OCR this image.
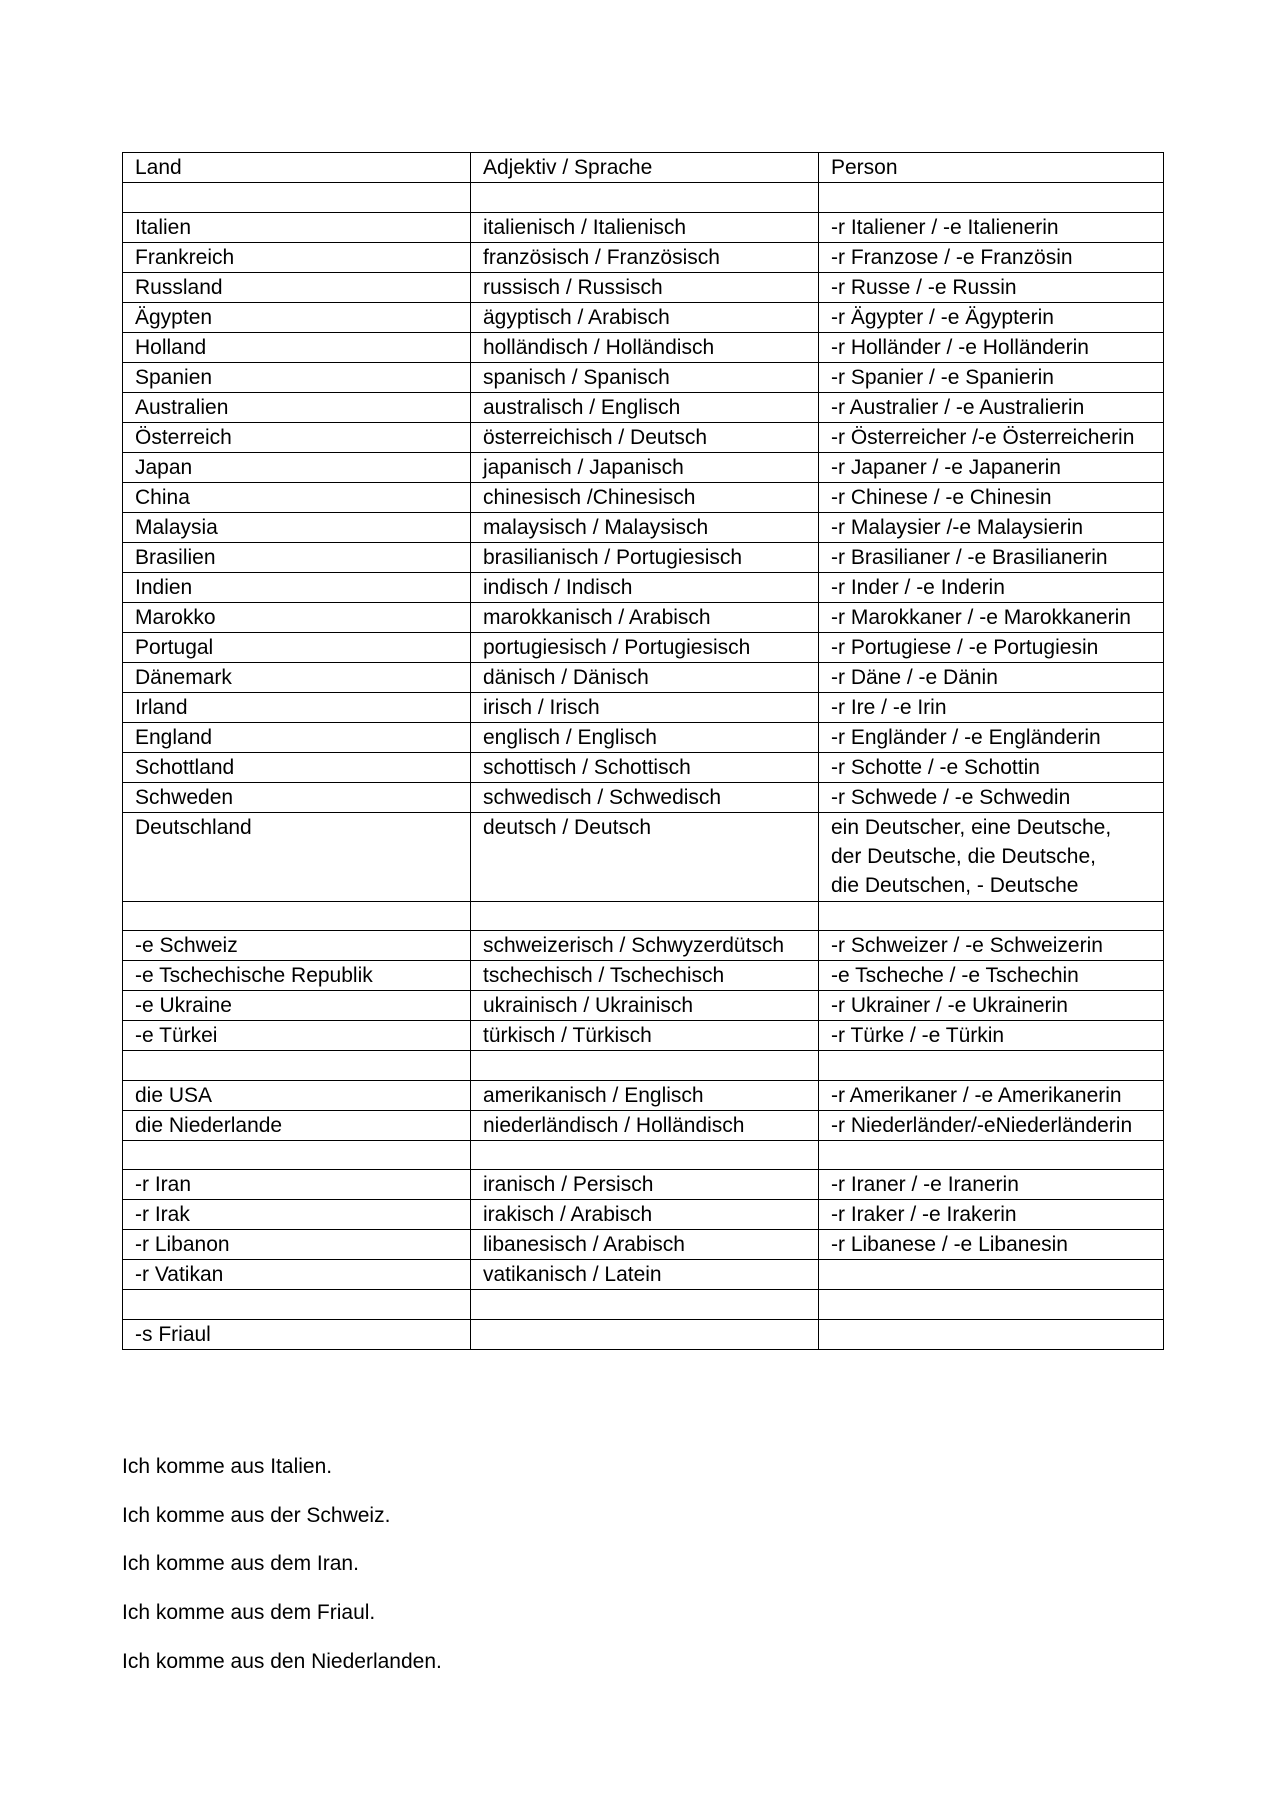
Land	Adjektiv / Sprache	Person

Italien	italienisch / Italienisch	-r Italiener / -e Italienerin
Frankreich	französisch / Französisch	-r Franzose / -e Französin
Russland	russisch / Russisch	-r Russe / -e Russin
Ägypten	ägyptisch / Arabisch	-r Ägypter / -e Ägypterin
Holland	holländisch / Holländisch	-r Holländer / -e Holländerin
Spanien	spanisch / Spanisch	-r Spanier / -e Spanierin
Australien	australisch / Englisch	-r Australier / -e Australierin
Österreich	österreichisch / Deutsch	-r Österreicher /-e Österreicherin
Japan	japanisch / Japanisch	-r Japaner / -e Japanerin
China	chinesisch /Chinesisch	-r Chinese / -e Chinesin
Malaysia	malaysisch / Malaysisch	-r Malaysier /-e Malaysierin
Brasilien	brasilianisch / Portugiesisch	-r Brasilianer / -e Brasilianerin
Indien	indisch / Indisch	-r Inder / -e Inderin
Marokko	marokkanisch / Arabisch	-r Marokkaner / -e Marokkanerin
Portugal	portugiesisch / Portugiesisch	-r Portugiese / -e Portugiesin
Dänemark	dänisch / Dänisch	-r Däne / -e Dänin
Irland	irisch / Irisch	-r Ire / -e Irin
England	englisch / Englisch	-r Engländer / -e Engländerin
Schottland	schottisch / Schottisch	-r Schotte / -e Schottin
Schweden	schwedisch / Schwedisch	-r Schwede / -e Schwedin
Deutschland	deutsch / Deutsch	ein Deutscher, eine Deutsche,
der Deutsche, die Deutsche,
die Deutschen, - Deutsche

-e Schweiz	schweizerisch / Schwyzerdütsch	-r Schweizer / -e Schweizerin
-e Tschechische Republik	tschechisch / Tschechisch	-e Tscheche / -e Tschechin
-e Ukraine	ukrainisch / Ukrainisch	-r Ukrainer / -e Ukrainerin
-e Türkei	türkisch / Türkisch	-r Türke / -e Türkin

die USA	amerikanisch / Englisch	-r Amerikaner / -e Amerikanerin
die Niederlande	niederländisch / Holländisch	-r Niederländer/-eNiederländerin

-r Iran	iranisch / Persisch	-r Iraner / -e Iranerin
-r Irak	irakisch / Arabisch	-r Iraker / -e Irakerin
-r Libanon	libanesisch / Arabisch	-r Libanese / -e Libanesin
-r Vatikan	vatikanisch / Latein	

-s Friaul		

Ich komme aus Italien.

Ich komme aus der Schweiz.

Ich komme aus dem Iran.

Ich komme aus dem Friaul.

Ich komme aus den Niederlanden.
